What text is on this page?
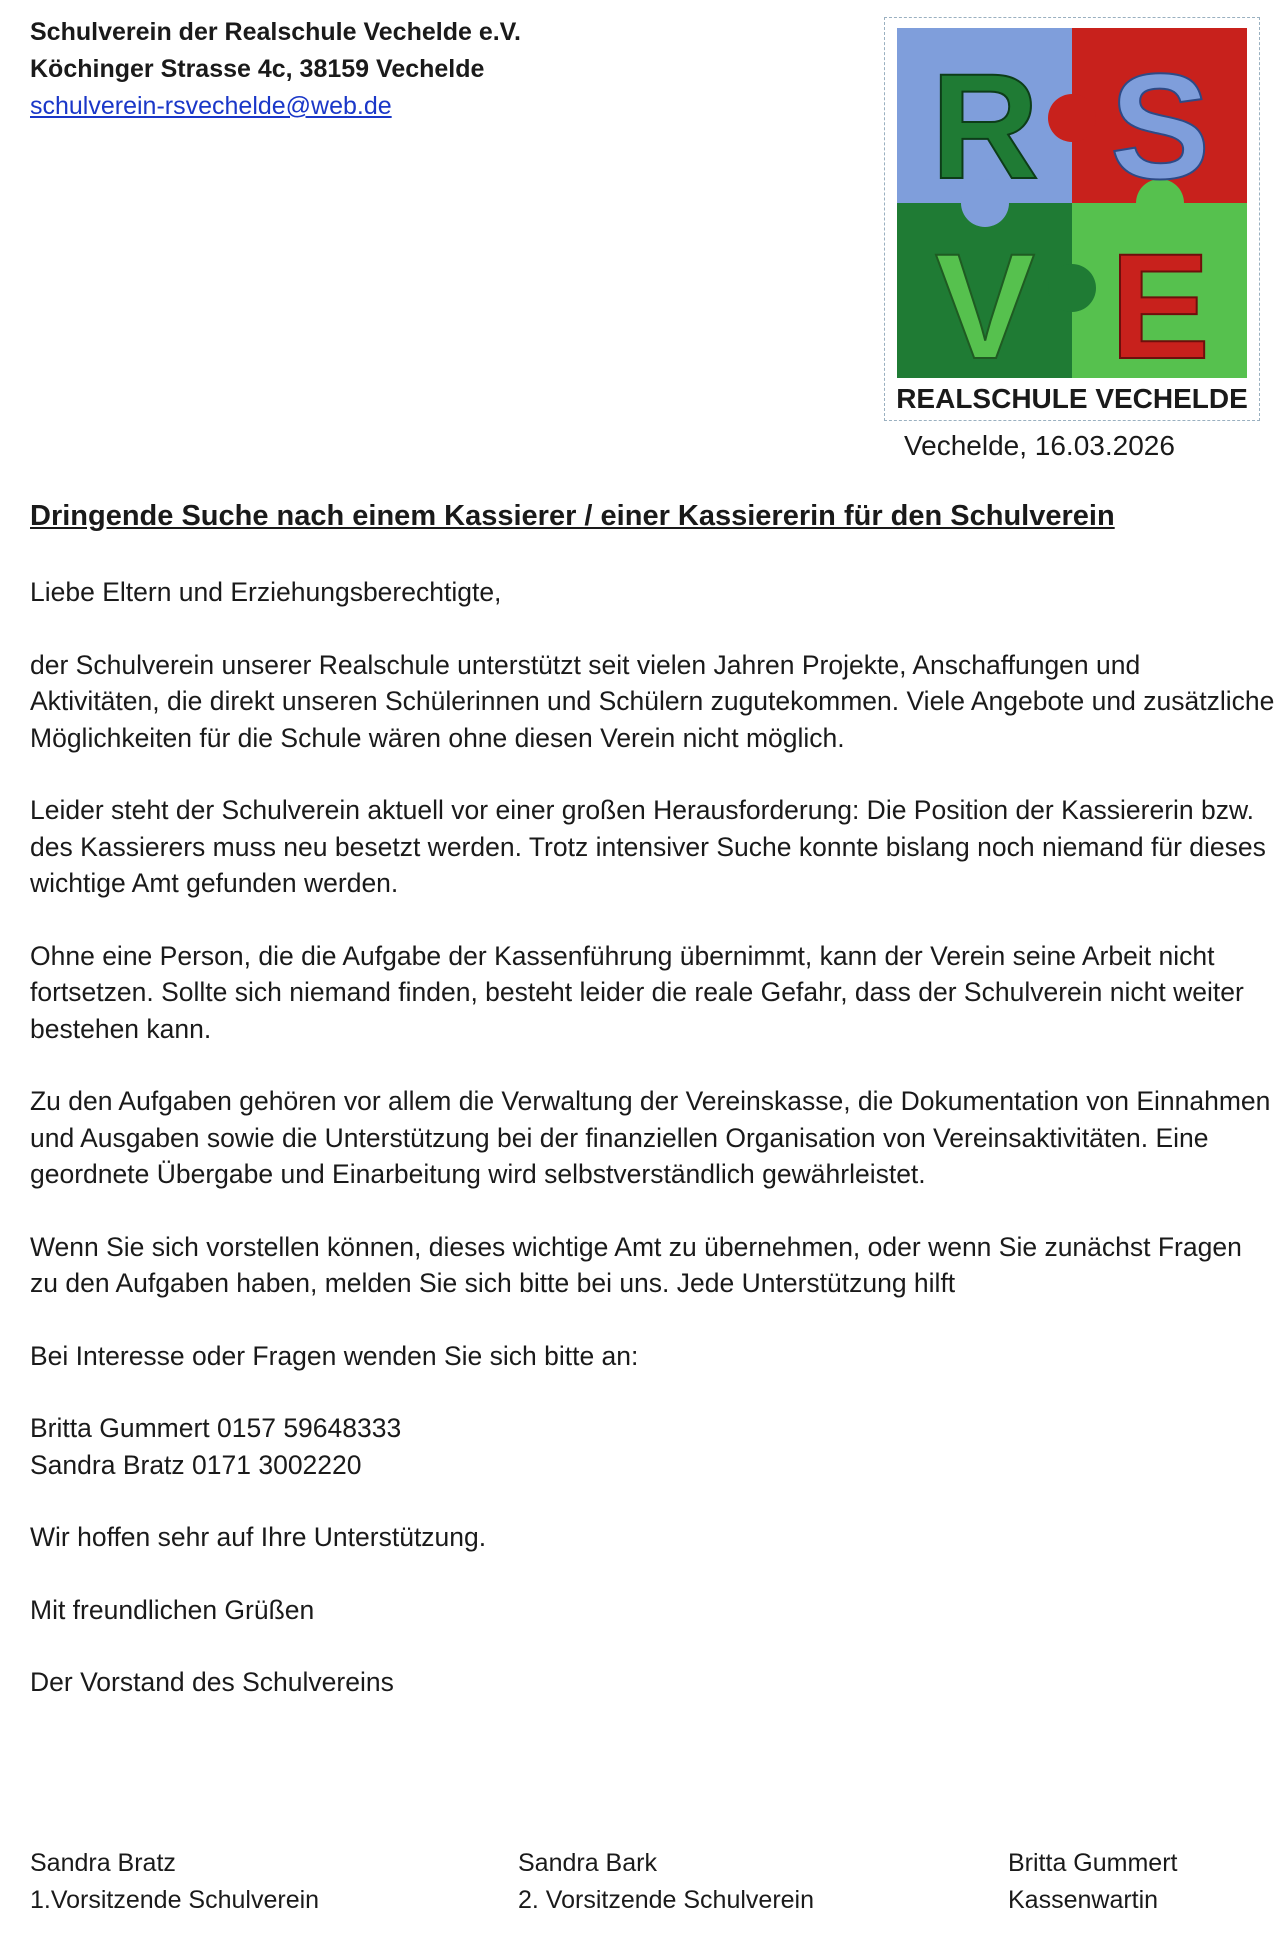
Schulverein der Realschule Vechelde e.V.
Köchinger Strasse 4c, 38159 Vechelde
schulverein-rsvechelde@web.de	R S
V E
REALSCHULE VECHELDE
Vechelde, 16.03.2026
Dringende Suche nach einem Kassierer / einer Kassiererin für den Schulverein

Liebe Eltern und Erziehungsberechtigte,

der Schulverein unserer Realschule unterstützt seit vielen Jahren Projekte, Anschaffungen und Aktivitäten, die direkt unseren Schülerinnen und Schülern zugutekommen. Viele Angebote und zusätzliche Möglichkeiten für die Schule wären ohne diesen Verein nicht möglich.

Leider steht der Schulverein aktuell vor einer großen Herausforderung: Die Position der Kassiererin bzw. des Kassierers muss neu besetzt werden. Trotz intensiver Suche konnte bislang noch niemand für dieses wichtige Amt gefunden werden.

Ohne eine Person, die die Aufgabe der Kassenführung übernimmt, kann der Verein seine Arbeit nicht fortsetzen. Sollte sich niemand finden, besteht leider die reale Gefahr, dass der Schulverein nicht weiter bestehen kann.

Zu den Aufgaben gehören vor allem die Verwaltung der Vereinskasse, die Dokumentation von Einnahmen und Ausgaben sowie die Unterstützung bei der finanziellen Organisation von Vereinsaktivitäten. Eine geordnete Übergabe und Einarbeitung wird selbstverständlich gewährleistet.

Wenn Sie sich vorstellen können, dieses wichtige Amt zu übernehmen, oder wenn Sie zunächst Fragen zu den Aufgaben haben, melden Sie sich bitte bei uns. Jede Unterstützung hilft

Bei Interesse oder Fragen wenden Sie sich bitte an:

Britta Gummert 0157 59648333
Sandra Bratz 0171 3002220

Wir hoffen sehr auf Ihre Unterstützung.

Mit freundlichen Grüßen

Der Vorstand des Schulvereins

Sandra Bratz
1.Vorsitzende Schulverein
Sandra Bark
2. Vorsitzende Schulverein
Britta Gummert
Kassenwartin
